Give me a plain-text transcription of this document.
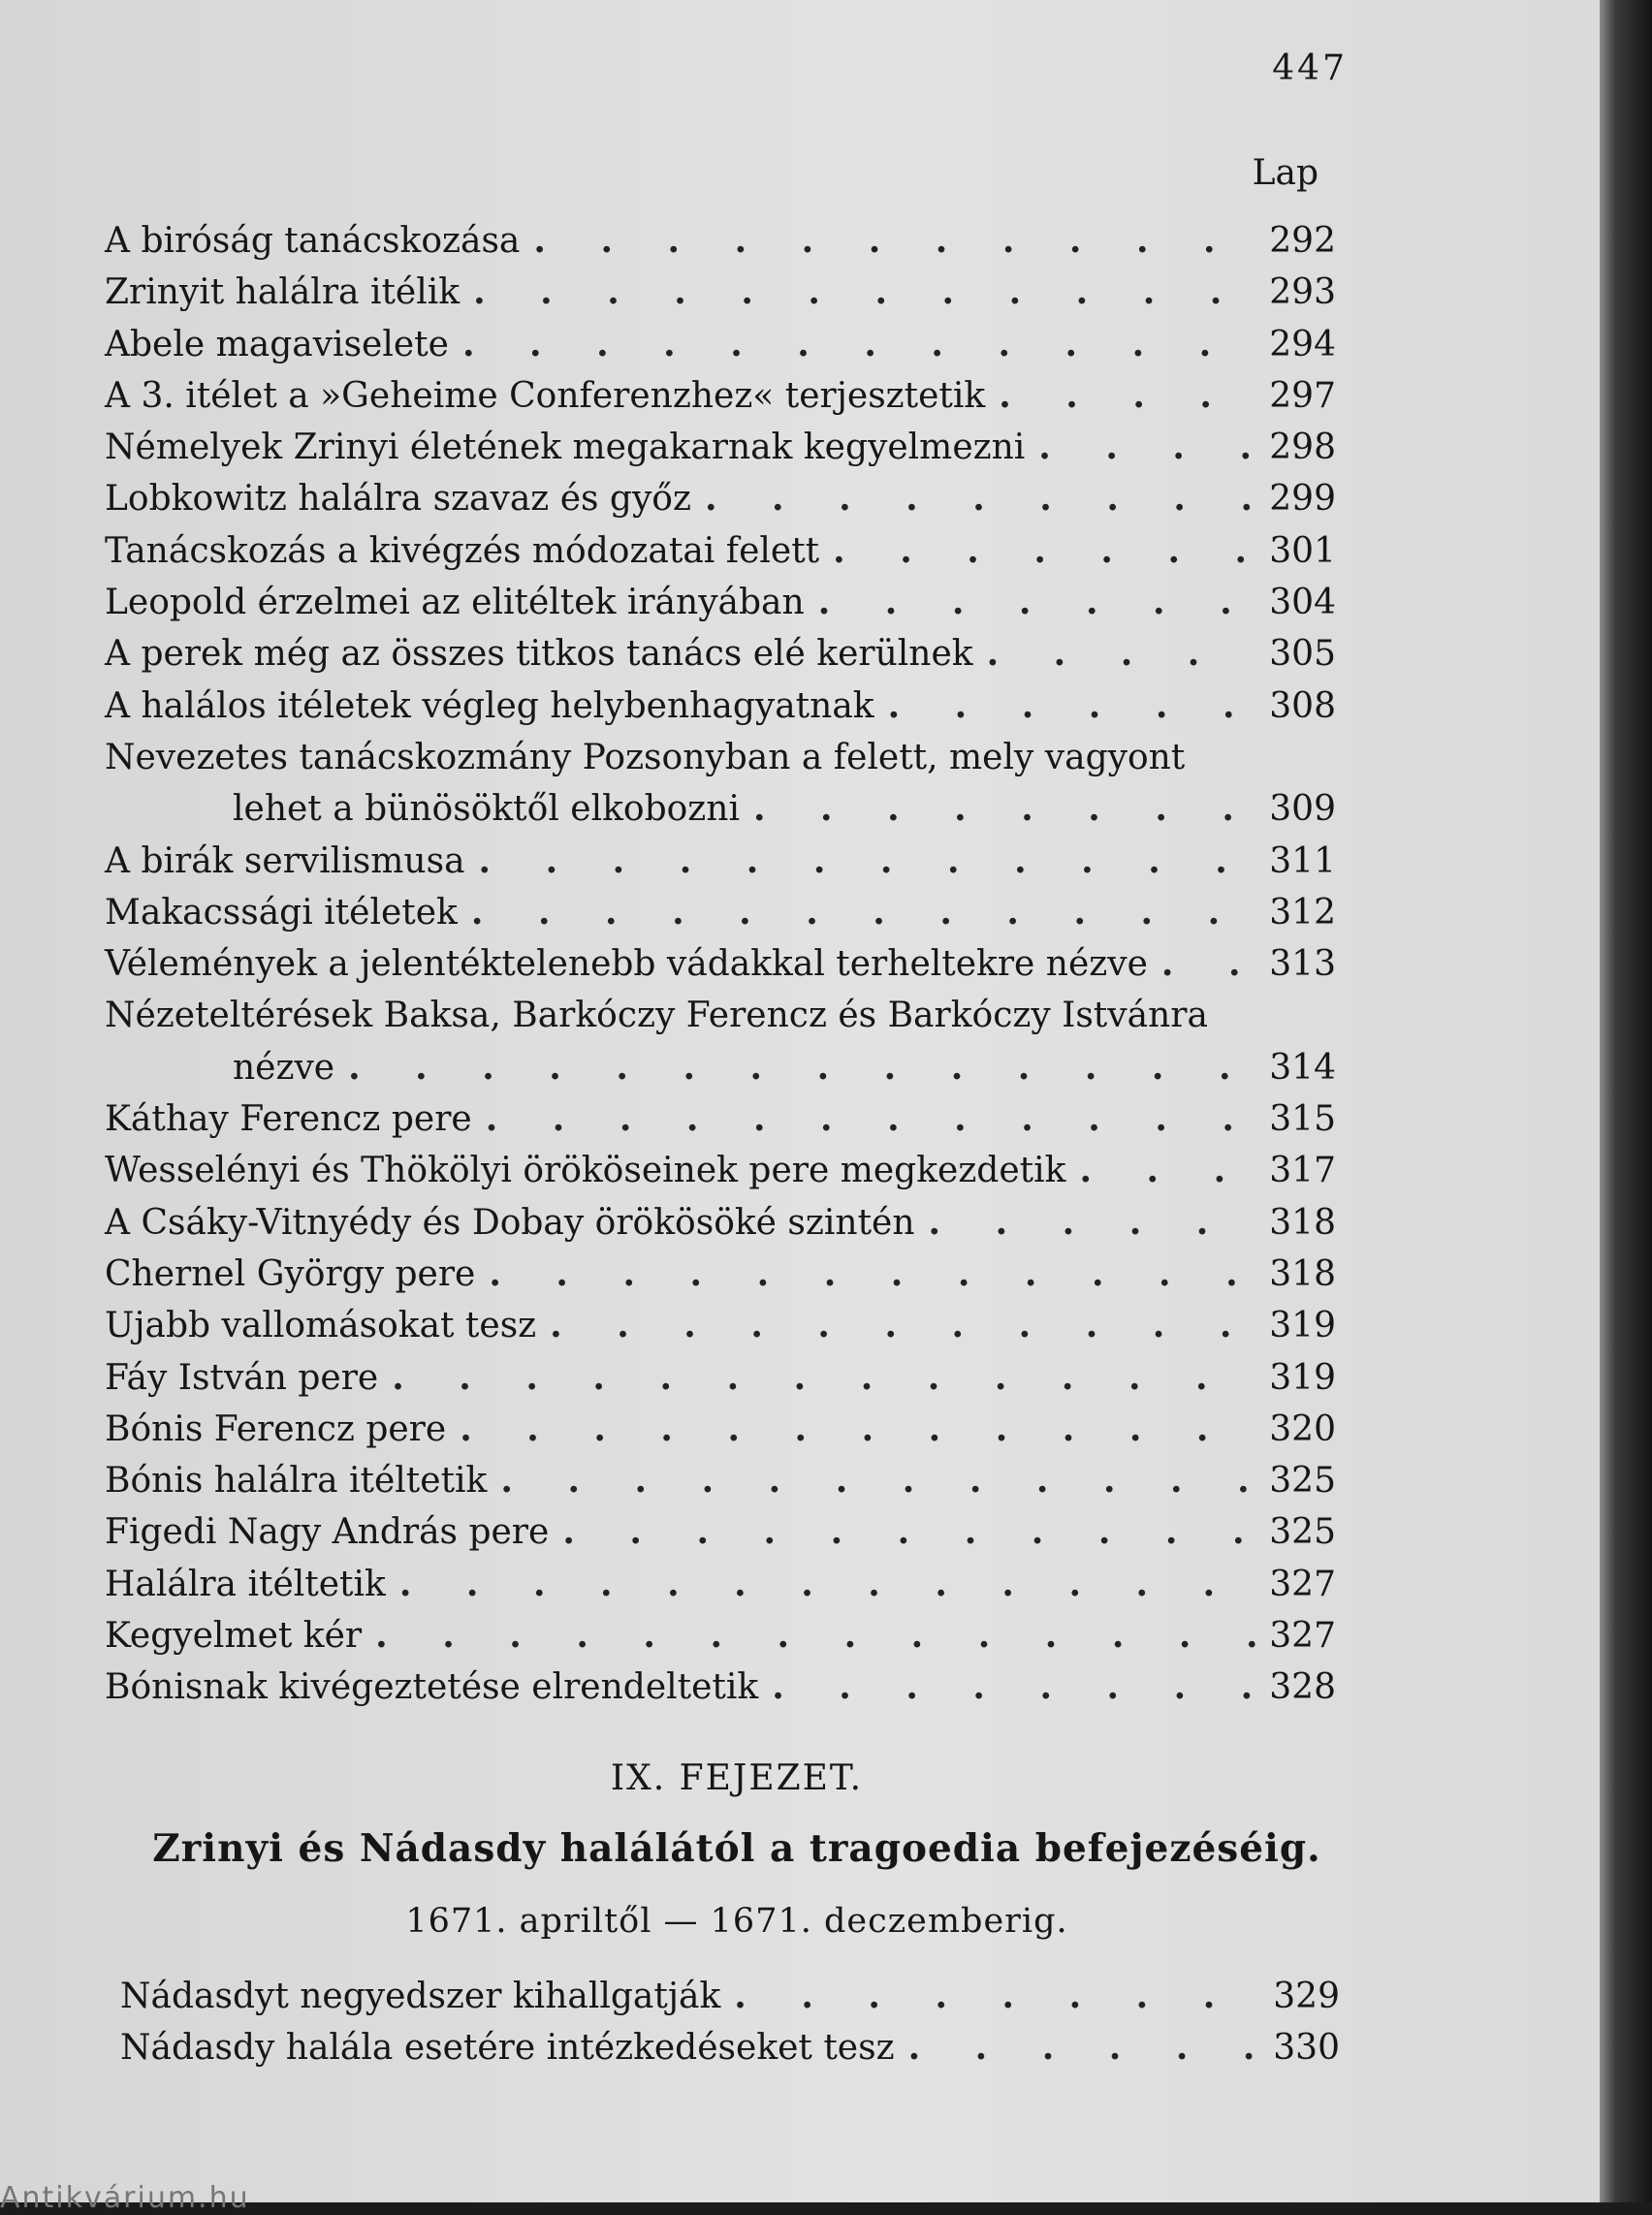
447
Lap
A biróság tanácskozása . . .	292
Zrinyit halálra itélik . . .	293
Abele magaviselete . . .	294
A 3. itélet a »Geheime Conferenzhez« terjesztetik . . .	297
Némelyek Zrinyi életének megakarnak kegyelmezni . . .	298
Lobkowitz halálra szavaz és győz . . .	299
Tanácskozás a kivégzés módozatai felett . . .	301
Leopold érzelmei az elitéltek irányában . . .	304
A perek még az összes titkos tanács elé kerülnek . . .	305
A halálos itéletek végleg helybenhagyatnak . . .	308
Nevezetes tanácskozmány Pozsonyban a felett, mely vagyont
lehet a bünösöktől elkobozni . . .	309
A birák servilismusa . . .	311
Makacssági itéletek . . .	312
Vélemények a jelentéktelenebb vádakkal terheltekre nézve . . .	313
Nézeteltérések Baksa, Barkóczy Ferencz és Barkóczy Istvánra
nézve . . .	314
Káthay Ferencz pere . . .	315
Wesselényi és Thökölyi örököseinek pere megkezdetik . . .	317
A Csáky-Vitnyédy és Dobay örökösöké szintén . . .	318
Chernel György pere . . .	318
Ujabb vallomásokat tesz . . .	319
Fáy István pere . . .	319
Bónis Ferencz pere . . .	320
Bónis halálra itéltetik . . .	325
Figedi Nagy András pere . . .	325
Halálra itéltetik . . .	327
Kegyelmet kér . . .	327
Bónisnak kivégeztetése elrendeltetik . . .	328
IX. FEJEZET.
Zrinyi és Nádasdy halálától a tragoedia befejezéséig.
1671. apriltől — 1671. deczemberig.
Nádasdyt negyedszer kihallgatják . . .	329
Nádasdy halála esetére intézkedéseket tesz . . .	330
Antikvárium.hu
